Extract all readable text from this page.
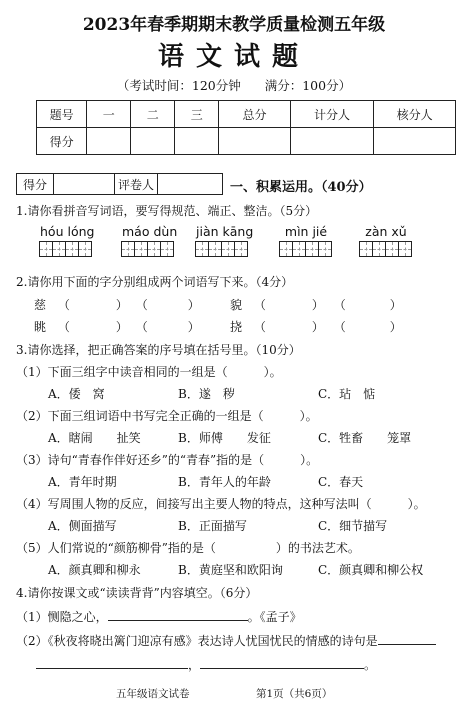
2023年春季期期末教学质量检测五年级
语文试题
（考试时间：120分钟 满分：100分）
题号	一	二	三	总分	计分人	核分人
得分						
得分		评卷人		一、积累运用。（40分）
1.请你看拼音写词语，要写得规范、端正、整洁。（5分）
hóu lóng máo dùn jiàn kāng	mìn jié	zàn xǔ
2.请你用下面的字分别组成两个词语写下来。（4分）
慈 （	） （	）	貌 （	） （	）
眺 （	） （	）	挠 （	） （	）
3.请你选择，把正确答案的序号填在括号里。（10分）
（1）下面三组字中读音相同的一组是（　　　）。
A．倭　窝	B．遂　秽	C．玷　惦
（2）下面三组词语中书写完全正确的一组是（　　　）。
A．瞎闹　　扯笑	B．师傅　　发征	C．牲畜　　笼罩
（3）诗句“青春作伴好还乡”的“青春”指的是（　　　）。
A．青年时期	B．青年人的年龄	C．春天
（4）写周围人物的反应，间接写出主要人物的特点，这种写法叫（　　　）。
A．侧面描写	B．正面描写	C．细节描写
（5）人们常说的“颜筋柳骨”指的是（　　　　　）的书法艺术。
A．颜真卿和柳永	B．黄庭坚和欧阳询	C．颜真卿和柳公权
4.请你按课文或“读读背背”内容填空。（6分）
（1）恻隐之心，	。《孟子》
（2）《秋夜将晓出篱门迎凉有感》表达诗人忧国忧民的情感的诗句是
，	。
五年级语文试卷	第1页（共6页）
